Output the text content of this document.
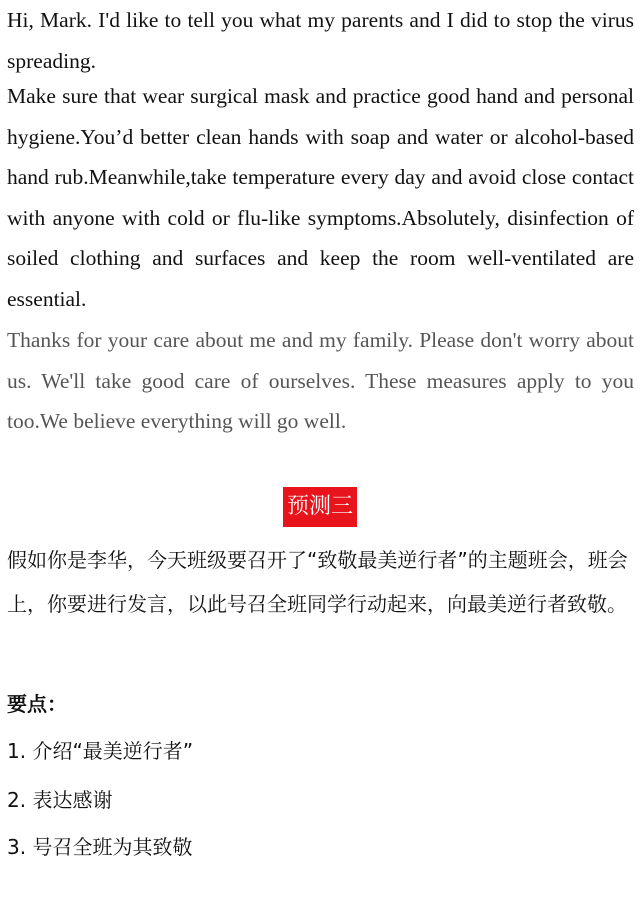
Hi, Mark. I'd like to tell you what my parents and I did to stop the virus spreading.

Make sure that wear surgical mask and practice good hand and personal hygiene.You’d better clean hands with soap and water or alcohol-based hand rub.Meanwhile,take temperature every day and avoid close contact with anyone with cold or flu-like symptoms.Absolutely, disinfection of soiled clothing and surfaces and keep the room well-ventilated are essential.

Thanks for your care about me and my family. Please don't worry about us. We'll take good care of ourselves. These measures apply to you too.We believe everything will go well.

预测三

假如你是李华，今天班级要召开了“致敬最美逆行者”的主题班会，班会上，你要进行发言，以此号召全班同学行动起来，向最美逆行者致敬。

要点：

1. 介绍“最美逆行者”

2. 表达感谢

3. 号召全班为其致敬
